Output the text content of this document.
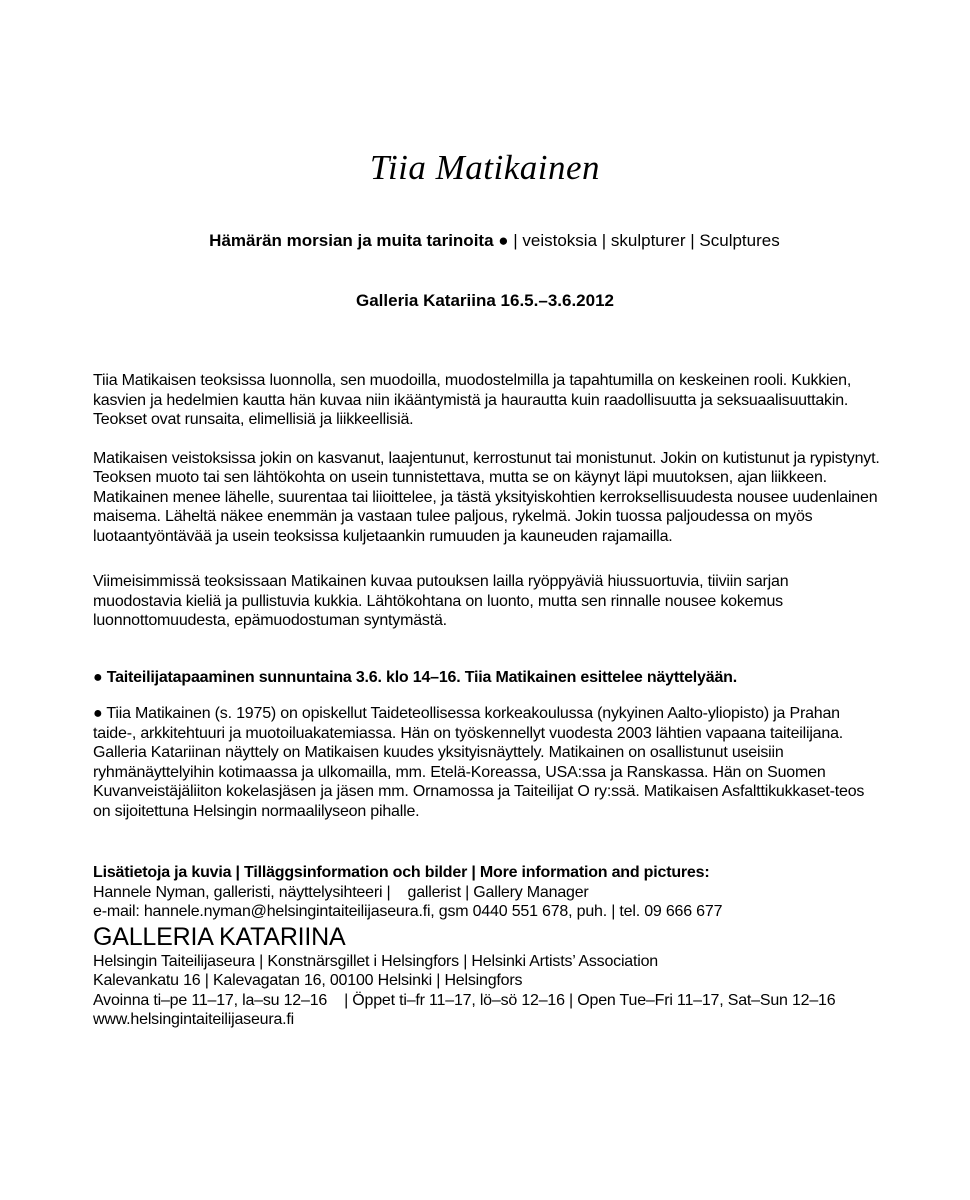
Tiia Matikainen

Hämärän morsian ja muita tarinoita ● | veistoksia | skulpturer | Sculptures

Galleria Katariina 16.5.–3.6.2012

Tiia Matikaisen teoksissa luonnolla, sen muodoilla, muodostelmilla ja tapahtumilla on keskeinen rooli. Kukkien, kasvien ja hedelmien kautta hän kuvaa niin ikääntymistä ja haurautta kuin raadollisuutta ja seksuaalisuuttakin. Teokset ovat runsaita, elimellisiä ja liikkeellisiä.

Matikaisen veistoksissa jokin on kasvanut, laajentunut, kerrostunut tai monistunut. Jokin on kutistunut ja rypistynyt. Teoksen muoto tai sen lähtökohta on usein tunnistettava, mutta se on käynyt läpi muutoksen, ajan liikkeen. Matikainen menee lähelle, suurentaa tai liioittelee, ja tästä yksityiskohtien kerroksellisuudesta nousee uudenlainen maisema. Läheltä näkee enemmän ja vastaan tulee paljous, rykelmä. Jokin tuossa paljoudessa on myös luotaantyöntävää ja usein teoksissa kuljetaankin rumuuden ja kauneuden rajamailla.

Viimeisimmissä teoksissaan Matikainen kuvaa putouksen lailla ryöppyäviä hiussuortuvia, tiiviin sarjan muodostavia kieliä ja pullistuvia kukkia. Lähtökohtana on luonto, mutta sen rinnalle nousee kokemus luonnottomuudesta, epämuodostuman syntymästä.

● Taiteilijatapaaminen sunnuntaina 3.6. klo 14–16. Tiia Matikainen esittelee näyttelyään.

● Tiia Matikainen (s. 1975) on opiskellut Taideteollisessa korkeakoulussa (nykyinen Aalto-yliopisto) ja Prahan taide-, arkkitehtuuri ja muotoiluakatemiassa. Hän on työskennellyt vuodesta 2003 lähtien vapaana taiteilijana. Galleria Katariinan näyttely on Matikaisen kuudes yksityisnäyttely. Matikainen on osallistunut useisiin ryhmänäyttelyihin kotimaassa ja ulkomailla, mm. Etelä-Koreassa, USA:ssa ja Ranskassa. Hän on Suomen Kuvanveistäjäliiton kokelasjäsen ja jäsen mm. Ornamossa ja Taiteilijat O ry:ssä. Matikaisen Asfalttikukkaset-teos on sijoitettuna Helsingin normaalilyseon pihalle.

Lisätietoja ja kuvia | Tilläggsinformation och bilder | More information and pictures:

Hannele Nyman, galleristi, näyttelysihteeri |    gallerist | Gallery Manager

e-mail: hannele.nyman@helsingintaiteilijaseura.fi, gsm 0440 551 678, puh. | tel. 09 666 677

GALLERIA KATARIINA

Helsingin Taiteilijaseura | Konstnärsgillet i Helsingfors | Helsinki Artists’ Association

Kalevankatu 16 | Kalevagatan 16, 00100 Helsinki | Helsingfors

Avoinna ti–pe 11–17, la–su 12–16    | Öppet ti–fr 11–17, lö–sö 12–16 | Open Tue–Fri 11–17, Sat–Sun 12–16

www.helsingintaiteilijaseura.fi
